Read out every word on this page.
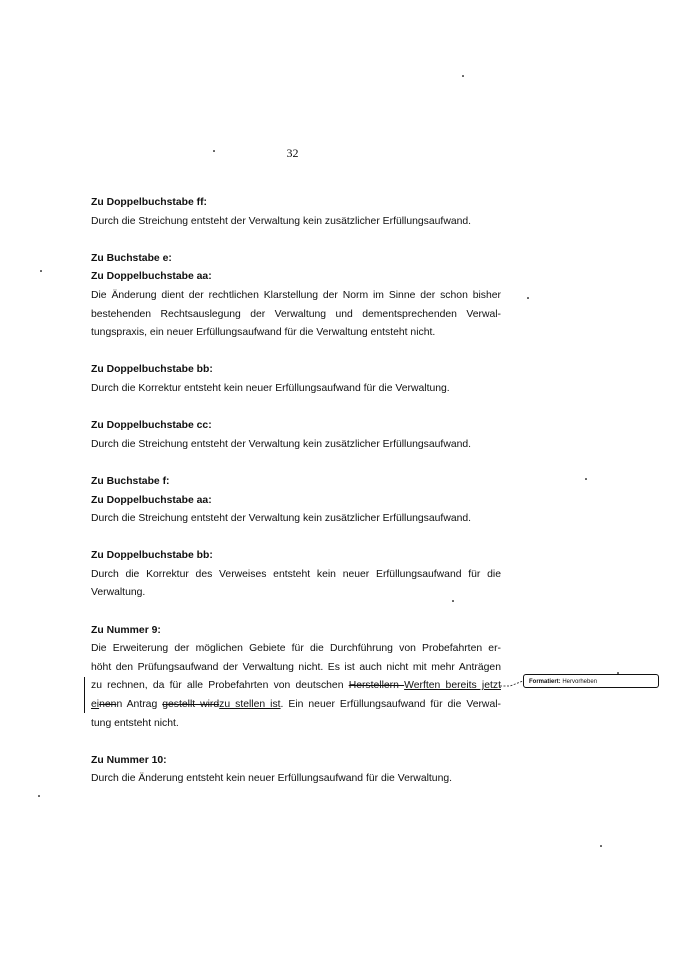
32

Zu Doppelbuchstabe ff:

Durch die Streichung entsteht der Verwaltung kein zusätzlicher Erfüllungsaufwand.

Zu Buchstabe e:

Zu Doppelbuchstabe aa:

Die Änderung dient der rechtlichen Klarstellung der Norm im Sinne der schon bisher
bestehenden Rechtsauslegung der Verwaltung und dementsprechenden Verwal-
tungspraxis, ein neuer Erfüllungsaufwand für die Verwaltung entsteht nicht.

Zu Doppelbuchstabe bb:

Durch die Korrektur entsteht kein neuer Erfüllungsaufwand für die Verwaltung.

Zu Doppelbuchstabe cc:

Durch die Streichung entsteht der Verwaltung kein zusätzlicher Erfüllungsaufwand.

Zu Buchstabe f:

Zu Doppelbuchstabe aa:

Durch die Streichung entsteht der Verwaltung kein zusätzlicher Erfüllungsaufwand.

Zu Doppelbuchstabe bb:

Durch die Korrektur des Verweises entsteht kein neuer Erfüllungsaufwand für die
Verwaltung.

Zu Nummer 9:

Die Erweiterung der möglichen Gebiete für die Durchführung von Probefahrten er-
höht den Prüfungsaufwand der Verwaltung nicht. Es ist auch nicht mit mehr Anträgen
zu rechnen, da für alle Probefahrten von deutschen Herstellern Werften bereits jetzt
einenn Antrag gestellt wirdzu stellen ist. Ein neuer Erfüllungsaufwand für die Verwal-
tung entsteht nicht.

Zu Nummer 10:

Durch die Änderung entsteht kein neuer Erfüllungsaufwand für die Verwaltung.

Formatiert: Hervorheben
